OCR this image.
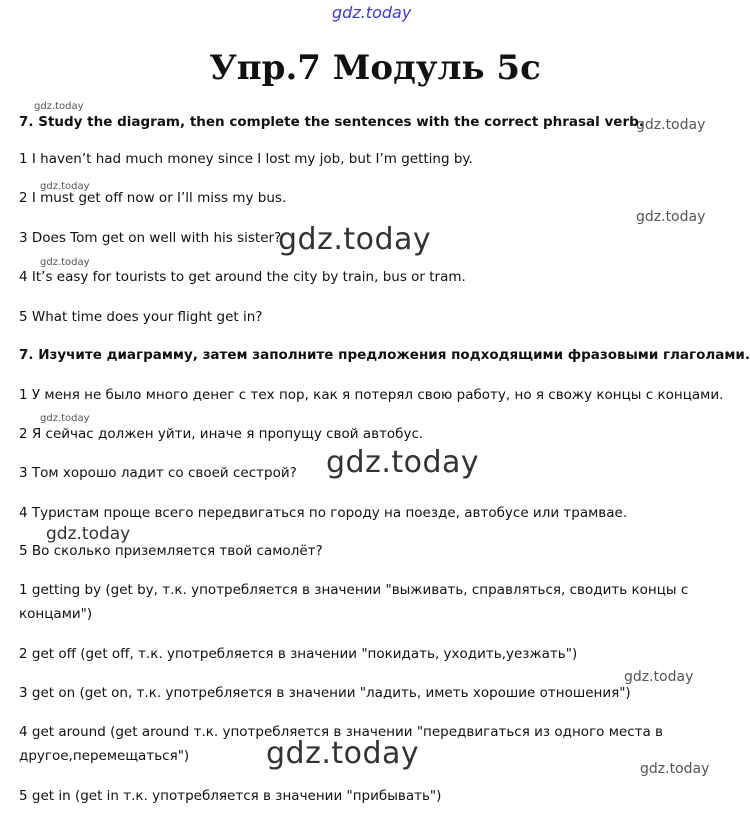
gdz.today
gdz.today
gdz.today
gdz.today
gdz.today
gdz.today
gdz.today
gdz.today
gdz.today
gdz.today
gdz.today
gdz.today	gdz.today
Упр.7 Модуль 5с
7. Study the diagram, then complete the sentences with the correct phrasal verb.
1 I haven’t had much money since I lost my job, but I’m getting by.
2 I must get off now or I’ll miss my bus.
3 Does Tom get on well with his sister?
4 It’s easy for tourists to get around the city by train, bus or tram.
5 What time does your flight get in?
7. Изучите диаграмму, затем заполните предложения подходящими фразовыми глаголами.
1 У меня не было много денег с тех пор, как я потерял свою работу, но я свожу концы с концами.
2 Я сейчас должен уйти, иначе я пропущу свой автобус.
3 Том хорошо ладит со своей сестрой?
4 Туристам проще всего передвигаться по городу на поезде, автобусе или трамвае.
5 Во сколько приземляется твой самолёт?
1 getting by (get by, т.к. употребляется в значении "выживать, справляться, сводить концы с концами")
2 get off (get off, т.к. употребляется в значении "покидать, уходить,уезжать")
3 get on (get on, т.к. употребляется в значении "ладить, иметь хорошие отношения")
4 get around (get around т.к. употребляется в значении "передвигаться из одного места в другое,перемещаться")
5 get in (get in т.к. употребляется в значении "прибывать")
